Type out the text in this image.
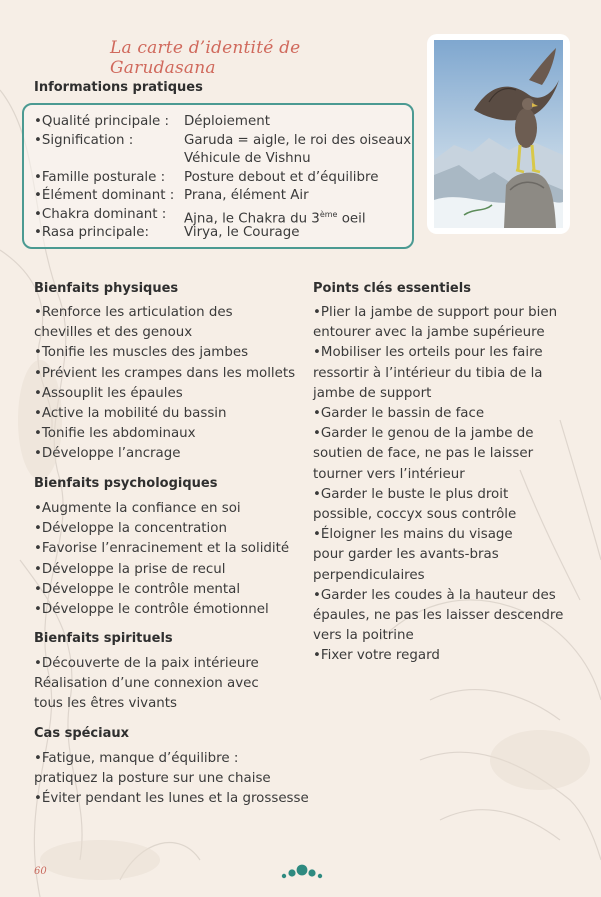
La carte d’identité de Garudasana
Informations pratiques
•Qualité principale : Déploiement
•Signification :	Garuda = aigle, le roi des oiseaux
Véhicule de Vishnu
•Famille posturale : Posture debout et d’équilibre
•Élément dominant : Prana, élément Air
•Chakra dominant : Ajna, le Chakra du 3ème oeil
•Rasa principale:	Virya, le Courage
Bienfaits physiques
•Renforce les articulation des
chevilles et des genoux
•Tonifie les muscles des jambes
•Prévient les crampes dans les mollets
•Assouplit les épaules
•Active la mobilité du bassin
•Tonifie les abdominaux
•Développe l’ancrage
Bienfaits psychologiques
•Augmente la confiance en soi
•Développe la concentration
•Favorise l’enracinement et la solidité
•Développe la prise de recul
•Développe le contrôle mental
•Développe le contrôle émotionnel
Bienfaits spirituels
•Découverte de la paix intérieure
Réalisation d’une connexion avec
tous les êtres vivants
Cas spéciaux
•Fatigue, manque d’équilibre :
pratiquez la posture sur une chaise
•Éviter pendant les lunes et la grossesse
Points clés essentiels
•Plier la jambe de support pour bien
entourer avec la jambe supérieure
•Mobiliser les orteils pour les faire
ressortir à l’intérieur du tibia de la
jambe de support
•Garder le bassin de face
•Garder le genou de la jambe de
soutien de face, ne pas le laisser
tourner vers l’intérieur
•Garder le buste le plus droit
possible, coccyx sous contrôle
•Éloigner les mains du visage
pour garder les avants-bras
perpendiculaires
•Garder les coudes à la hauteur des
épaules, ne pas les laisser descendre
vers la poitrine
•Fixer votre regard
60
